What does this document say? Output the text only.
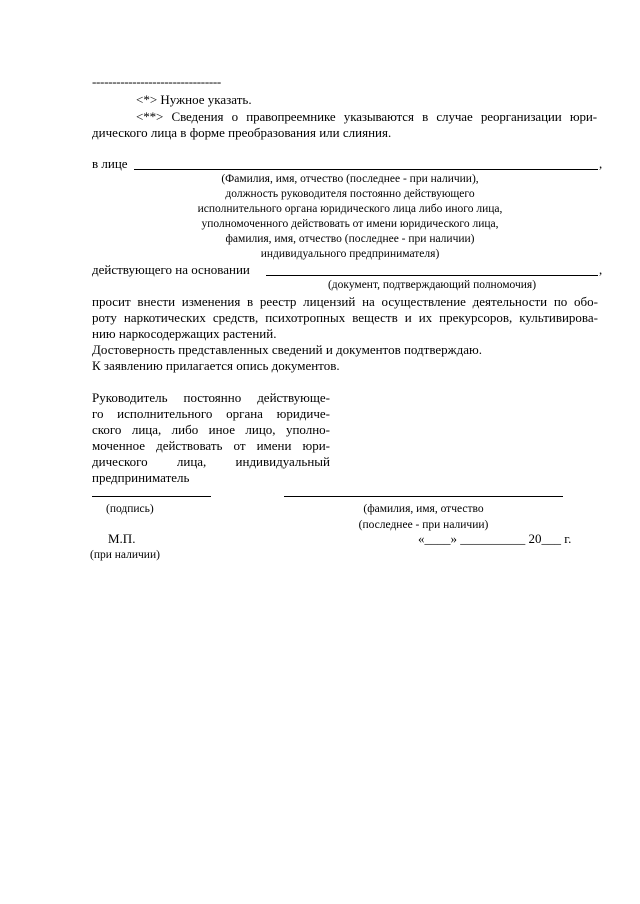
--------------------------------
<*> Нужное указать.
<**> Сведения о правопреемнике указываются в случае реорганизации юри-
дического лица в форме преобразования или слияния.
в лице	,
(Фамилия, имя, отчество (последнее - при наличии),
должность руководителя постоянно действующего
исполнительного органа юридического лица либо иного лица,
уполномоченного действовать от имени юридического лица,
фамилия, имя, отчество (последнее - при наличии)
индивидуального предпринимателя)
действующего на основании	,
(документ, подтверждающий полномочия)
просит внести изменения в реестр лицензий на осуществление деятельности по обо-
роту наркотических средств, психотропных веществ и их прекурсоров, культивирова-
нию наркосодержащих растений.
Достоверность представленных сведений и документов подтверждаю.
К заявлению прилагается опись документов.
Руководитель постоянно действующе-
го исполнительного органа юридиче-
ского лица, либо иное лицо, уполно-
моченное действовать от имени юри-
дического лица, индивидуальный
предприниматель
(подпись)	(фамилия, имя, отчество
(последнее - при наличии)
М.П.	«____» __________ 20___ г.
(при наличии)
